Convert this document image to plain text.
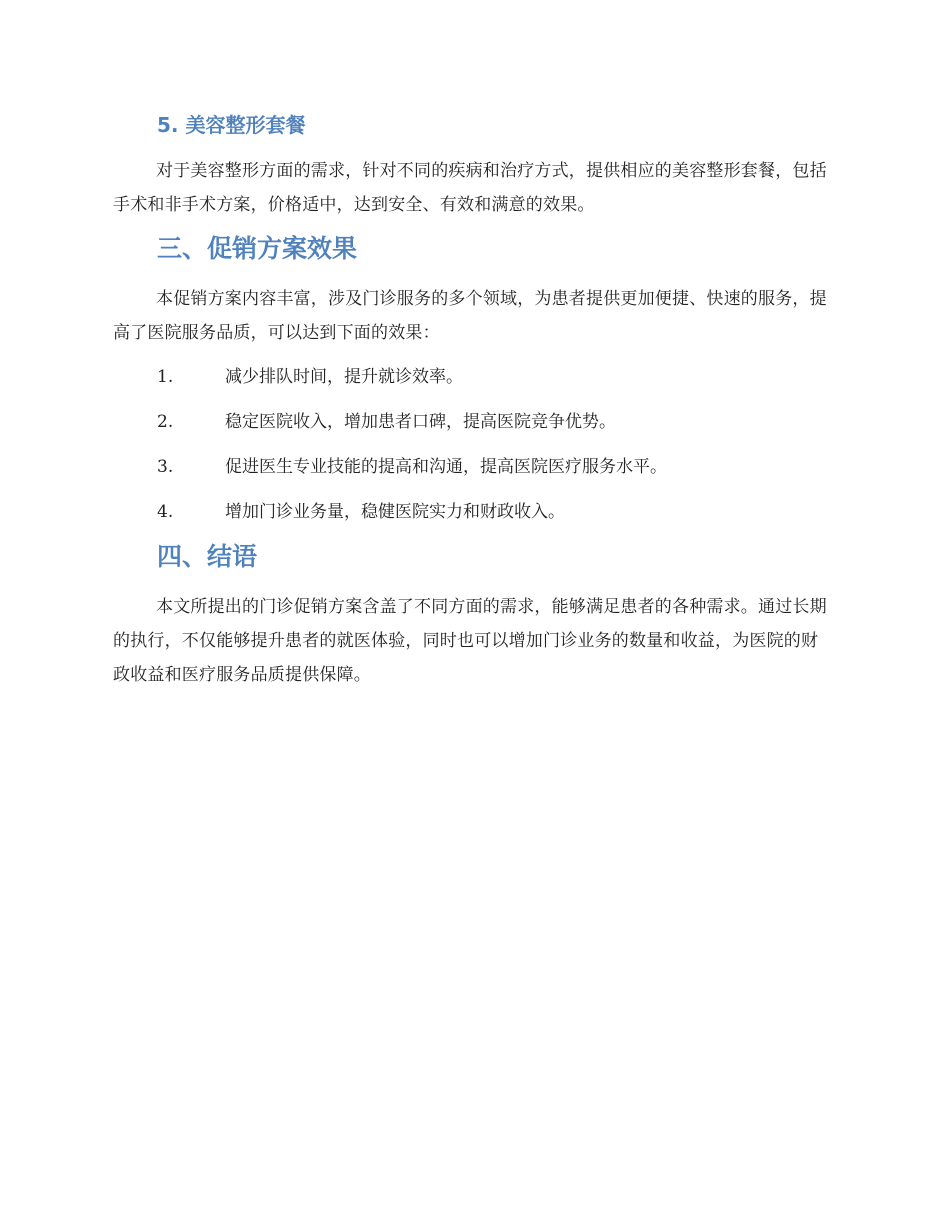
5. 美容整形套餐

对于美容整形方面的需求，针对不同的疾病和治疗方式，提供相应的美容整形套餐，包括手术和非手术方案，价格适中，达到安全、有效和满意的效果。

三、促销方案效果

本促销方案内容丰富，涉及门诊服务的多个领域，为患者提供更加便捷、快速的服务，提高了医院服务品质，可以达到下面的效果：

1.	减少排队时间，提升就诊效率。
2.	稳定医院收入，增加患者口碑，提高医院竞争优势。
3.	促进医生专业技能的提高和沟通，提高医院医疗服务水平。
4.	增加门诊业务量，稳健医院实力和财政收入。
四、结语

本文所提出的门诊促销方案含盖了不同方面的需求，能够满足患者的各种需求。通过长期的执行，不仅能够提升患者的就医体验，同时也可以增加门诊业务的数量和收益，为医院的财政收益和医疗服务品质提供保障。
